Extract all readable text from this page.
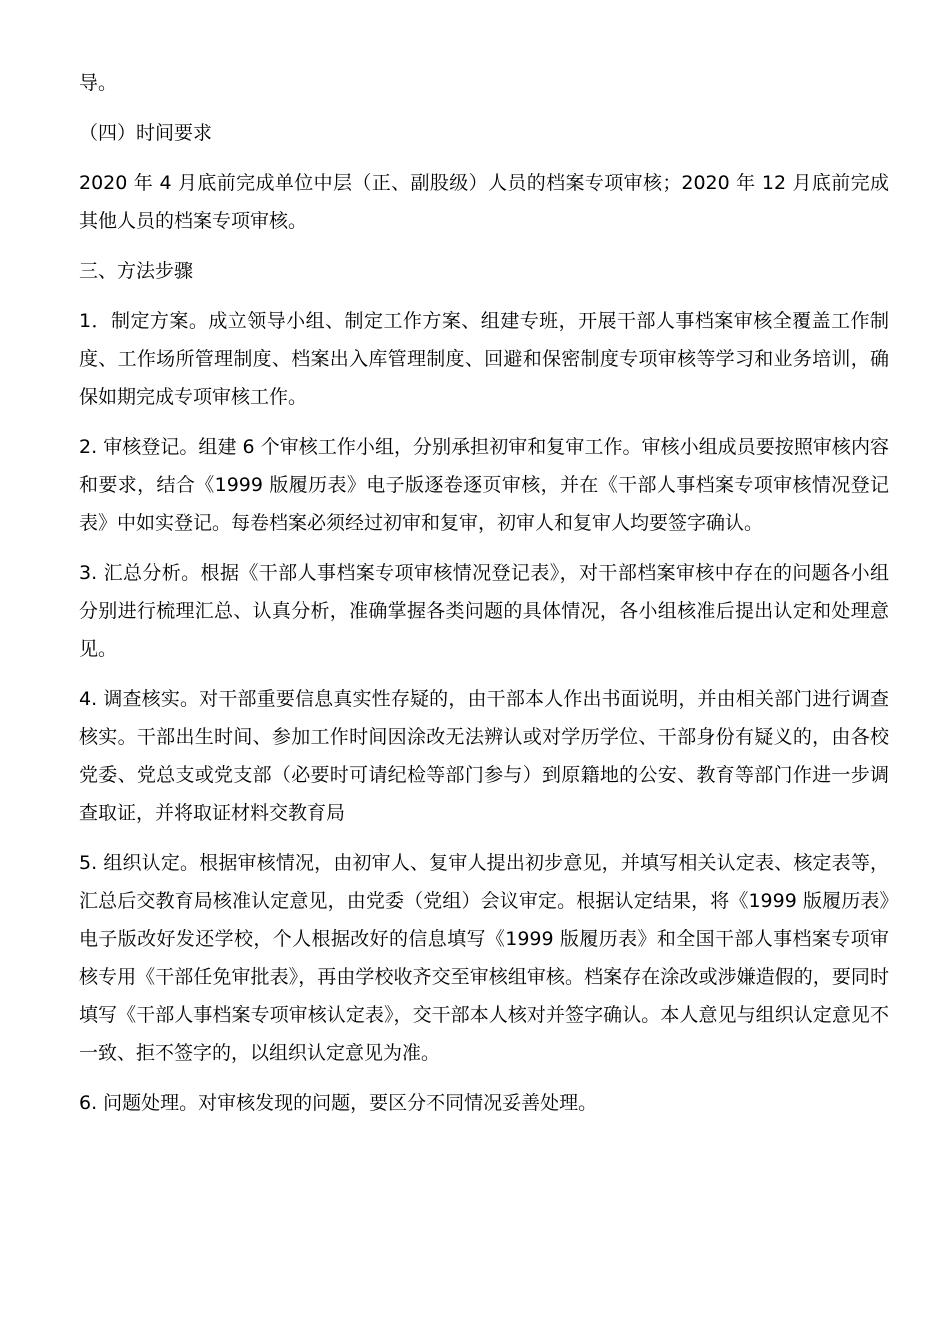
导。

（四）时间要求

2020 年 4 月底前完成单位中层（正、副股级）人员的档案专项审核；2020 年 12 月底前完成其他人员的档案专项审核。

三、方法步骤

1．制定方案。成立领导小组、制定工作方案、组建专班，开展干部人事档案审核全覆盖工作制度、工作场所管理制度、档案出入库管理制度、回避和保密制度专项审核等学习和业务培训，确保如期完成专项审核工作。

2. 审核登记。组建 6 个审核工作小组，分别承担初审和复审工作。审核小组成员要按照审核内容和要求，结合《1999 版履历表》电子版逐卷逐页审核，并在《干部人事档案专项审核情况登记表》中如实登记。每卷档案必须经过初审和复审，初审人和复审人均要签字确认。

3. 汇总分析。根据《干部人事档案专项审核情况登记表》，对干部档案审核中存在的问题各小组分别进行梳理汇总、认真分析，准确掌握各类问题的具体情况，各小组核准后提出认定和处理意见。

4. 调查核实。对干部重要信息真实性存疑的，由干部本人作出书面说明，并由相关部门进行调查核实。干部出生时间、参加工作时间因涂改无法辨认或对学历学位、干部身份有疑义的，由各校党委、党总支或党支部（必要时可请纪检等部门参与）到原籍地的公安、教育等部门作进一步调查取证，并将取证材料交教育局

5. 组织认定。根据审核情况，由初审人、复审人提出初步意见，并填写相关认定表、核定表等，汇总后交教育局核准认定意见，由党委（党组）会议审定。根据认定结果，将《1999 版履历表》电子版改好发还学校，个人根据改好的信息填写《1999 版履历表》和全国干部人事档案专项审核专用《干部任免审批表》，再由学校收齐交至审核组审核。档案存在涂改或涉嫌造假的，要同时填写《干部人事档案专项审核认定表》，交干部本人核对并签字确认。本人意见与组织认定意见不一致、拒不签字的，以组织认定意见为准。

6. 问题处理。对审核发现的问题，要区分不同情况妥善处理。
